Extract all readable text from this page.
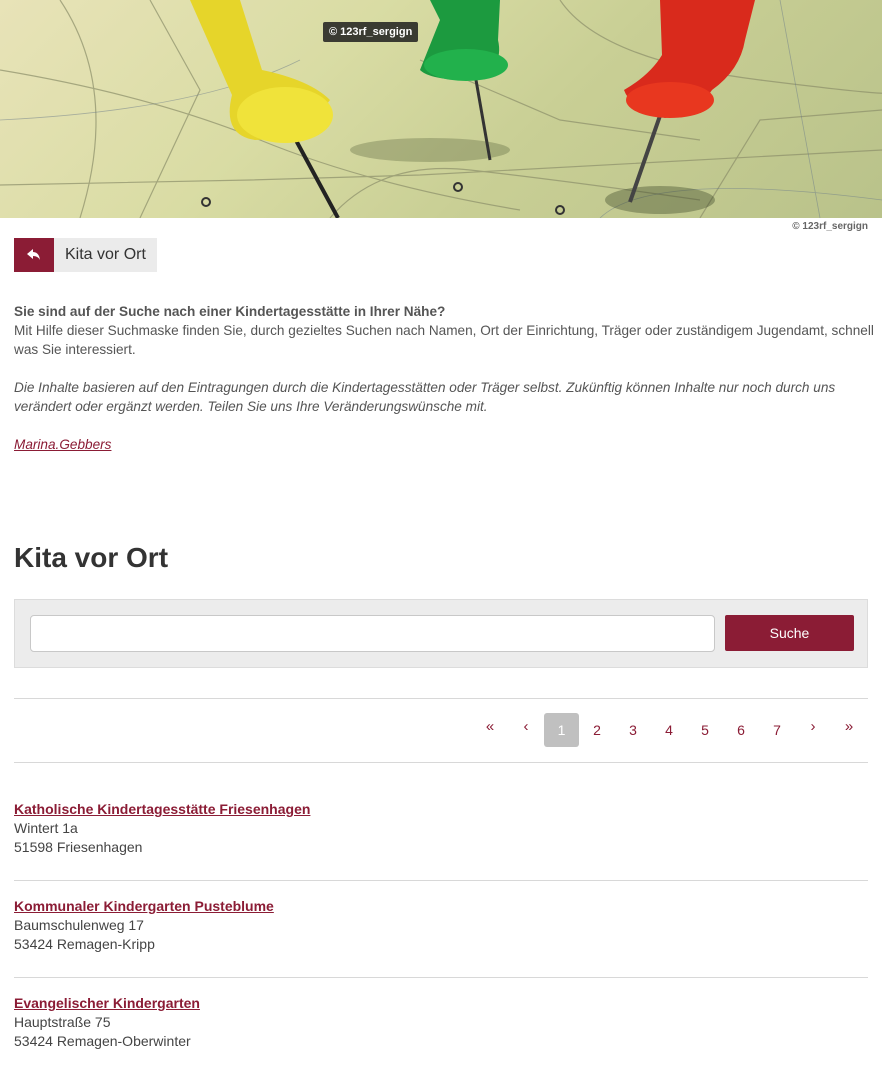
© 123rf_sergign
© 123rf_sergign
Kita vor Ort
Sie sind auf der Suche nach einer Kindertagesstätte in Ihrer Nähe?
Mit Hilfe dieser Suchmaske finden Sie, durch gezieltes Suchen nach Namen, Ort der Einrichtung, Träger oder zuständigem Jugendamt, schnell was Sie interessiert.
Die Inhalte basieren auf den Eintragungen durch die Kindertagesstätten oder Träger selbst. Zukünftig können Inhalte nur noch durch uns verändert oder ergänzt werden. Teilen Sie uns Ihre Veränderungswünsche mit.
Marina.Gebbers
Kita vor Ort
Suche
«	‹	1	2	3	4	5	6	7	›	»
Katholische Kindertagesstätte Friesenhagen
Wintert 1a
51598 Friesenhagen
Kommunaler Kindergarten Pusteblume
Baumschulenweg 17
53424 Remagen-Kripp
Evangelischer Kindergarten
Hauptstraße 75
53424 Remagen-Oberwinter
